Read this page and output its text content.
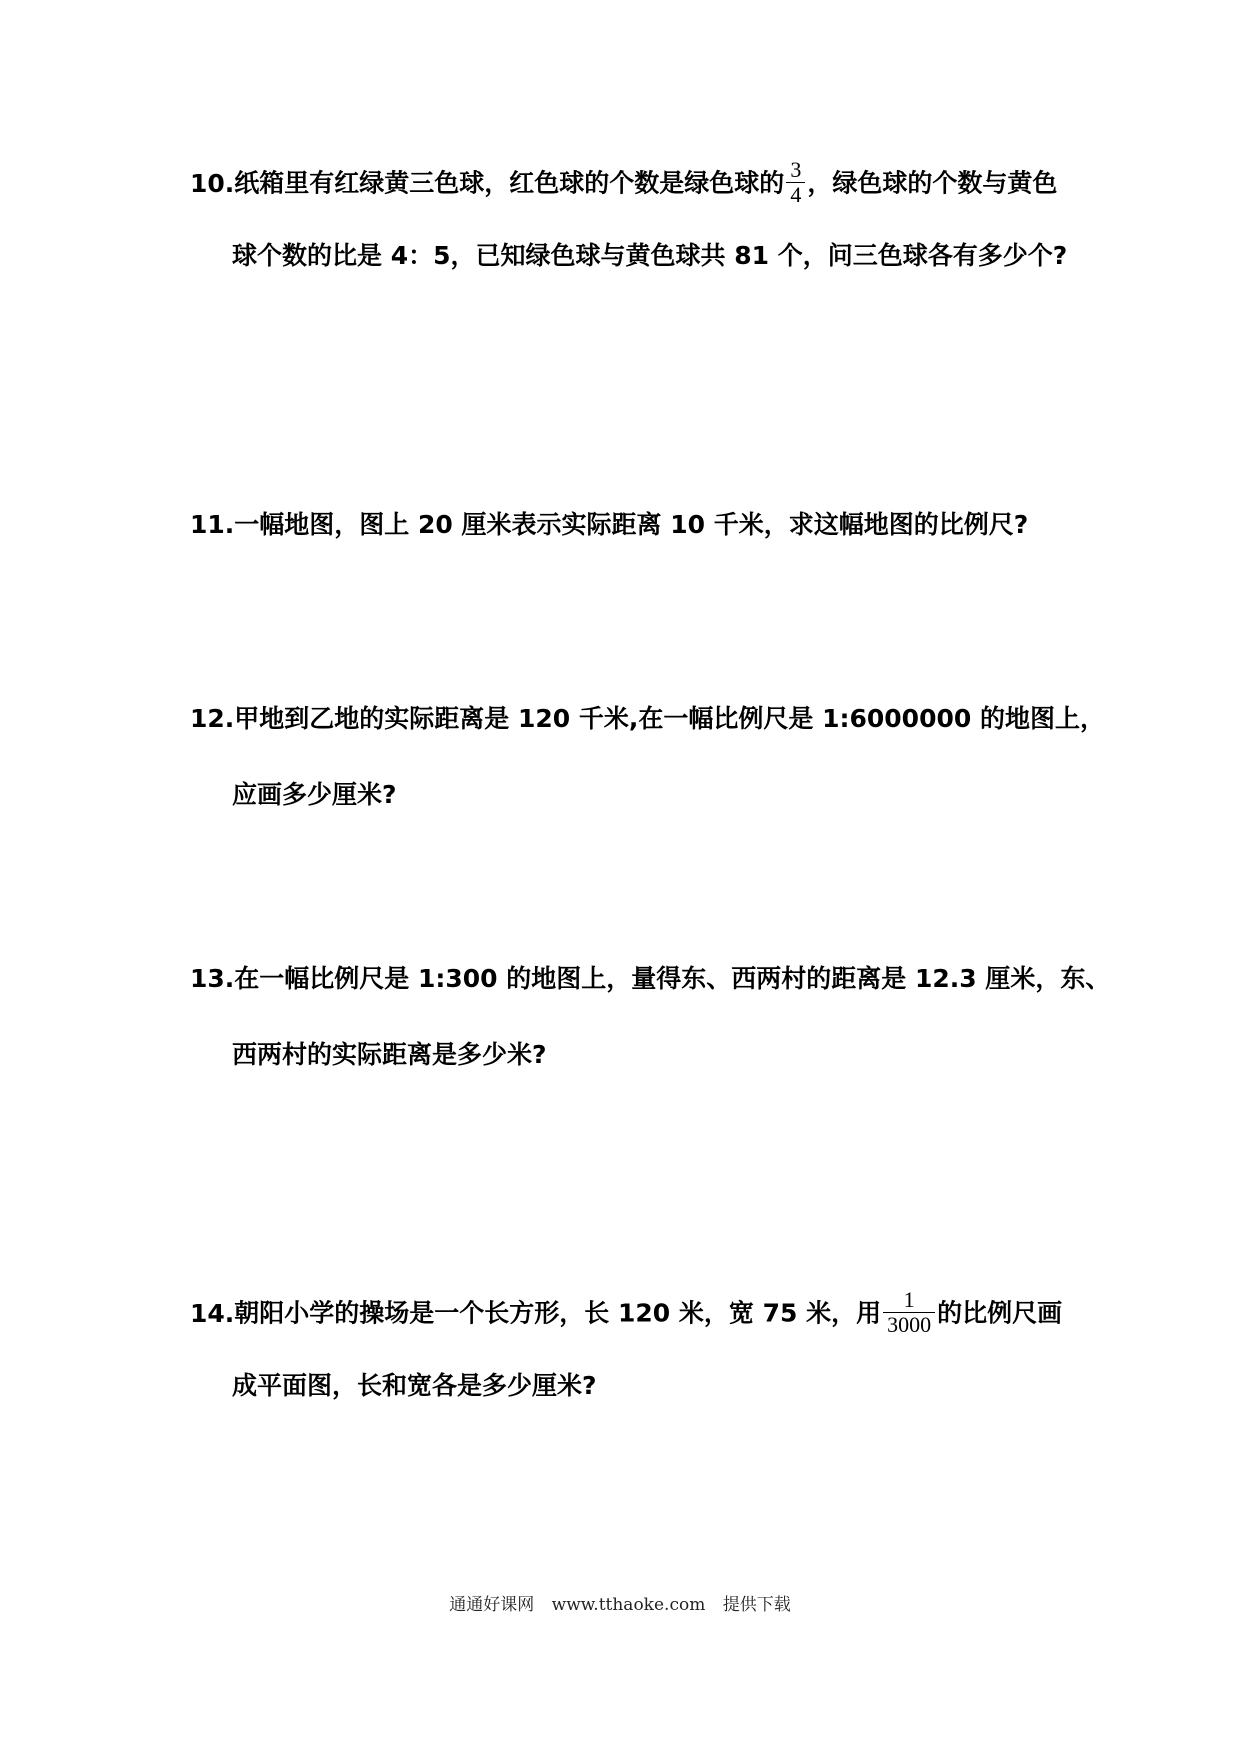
10.纸箱里有红绿黄三色球，红色球的个数是绿色球的 $\frac{3}{4}$ ，绿色球的个数与黄色
球个数的比是 4：5，已知绿色球与黄色球共 81 个，问三色球各有多少个?
11.一幅地图，图上 20 厘米表示实际距离 10 千米，求这幅地图的比例尺?
12.甲地到乙地的实际距离是 120 千米,在一幅比例尺是 1:6000000 的地图上，
应画多少厘米?
13.在一幅比例尺是 1:300 的地图上，量得东、西两村的距离是 12.3 厘米，东、
西两村的实际距离是多少米?
14.朝阳小学的操场是一个长方形，长 120 米，宽 75 米，用 $\frac{1}{3000}$ 的比例尺画
成平面图，长和宽各是多少厘米?
通通好课网 www.tthaoke.com 提供下载
